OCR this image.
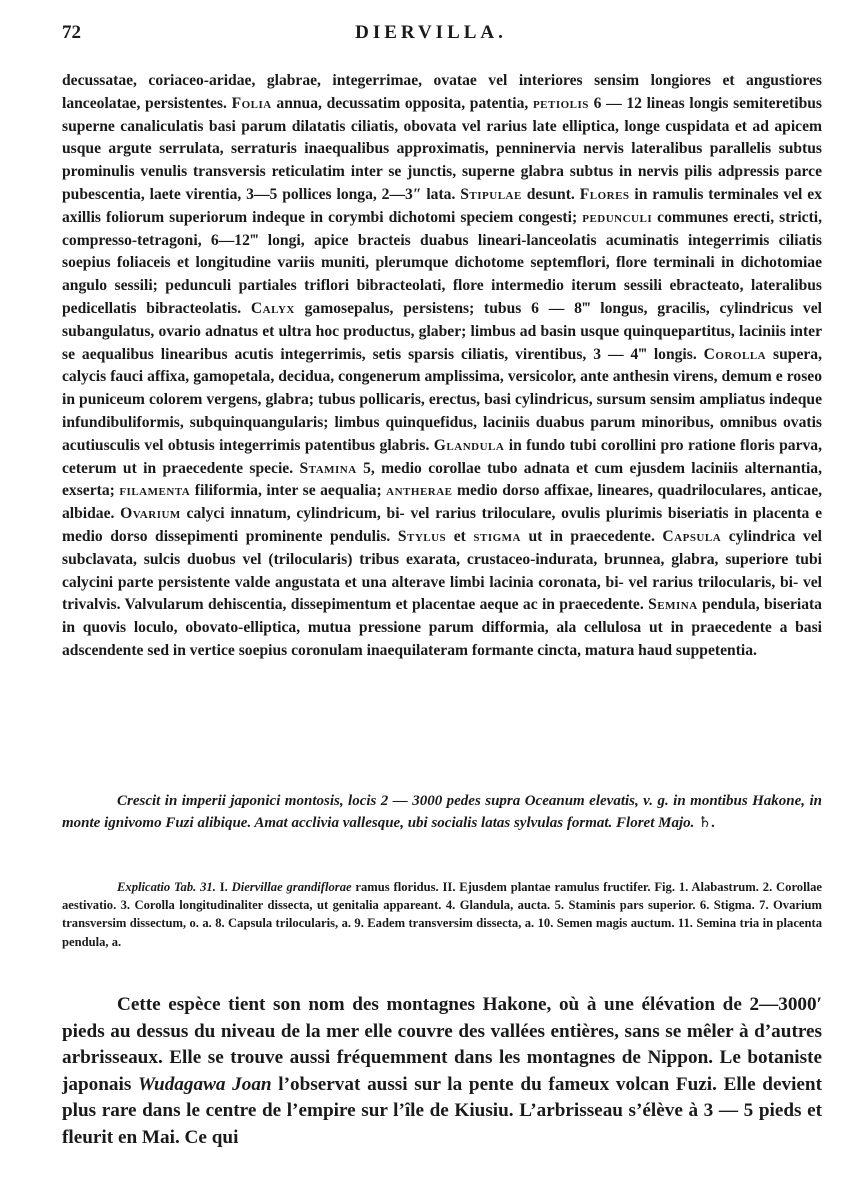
72	DIERVILLA.

decussatae, coriaceo-aridae, glabrae, integerrimae, ovatae vel interiores sensim longiores et angustiores lanceolatae, persistentes. Folia annua, decussatim opposita, patentia, petiolis 6 — 12 lineas longis semiteretibus superne canaliculatis basi parum dilatatis ciliatis, obovata vel rarius late elliptica, longe cuspidata et ad apicem usque argute serrulata, serraturis inaequalibus approximatis, penninervia nervis lateralibus parallelis subtus prominulis venulis transversis reticulatim inter se junctis, superne glabra subtus in nervis pilis adpressis parce pubescentia, laete virentia, 3—5 pollices longa, 2—3″ lata. Stipulae desunt. Flores in ramulis terminales vel ex axillis foliorum superiorum indeque in corymbi dichotomi speciem congesti; pedunculi communes erecti, stricti, compresso-tetragoni, 6—12‴ longi, apice bracteis duabus lineari-lanceolatis acuminatis integerrimis ciliatis soepius foliaceis et longitudine variis muniti, plerumque dichotome septemflori, flore terminali in dichotomiae angulo sessili; pedunculi partiales triflori bibracteolati, flore intermedio iterum sessili ebracteato, lateralibus pedicellatis bibracteolatis. Calyx gamosepalus, persistens; tubus 6 — 8‴ longus, gracilis, cylindricus vel subangulatus, ovario adnatus et ultra hoc productus, glaber; limbus ad basin usque quinquepartitus, laciniis inter se aequalibus linearibus acutis integerrimis, setis sparsis ciliatis, virentibus, 3 — 4‴ longis. Corolla supera, calycis fauci affixa, gamopetala, decidua, congenerum amplissima, versicolor, ante anthesin virens, demum e roseo in puniceum colorem vergens, glabra; tubus pollicaris, erectus, basi cylindricus, sursum sensim ampliatus indeque infundibuliformis, subquinquangularis; limbus quinquefidus, laciniis duabus parum minoribus, omnibus ovatis acutiusculis vel obtusis integerrimis patentibus glabris. Glandula in fundo tubi corollini pro ratione floris parva, ceterum ut in praecedente specie. Stamina 5, medio corollae tubo adnata et cum ejusdem laciniis alternantia, exserta; filamenta filiformia, inter se aequalia; antherae medio dorso affixae, lineares, quadriloculares, anticae, albidae. Ovarium calyci innatum, cylindricum, bi- vel rarius triloculare, ovulis plurimis biseriatis in placenta e medio dorso dissepimenti prominente pendulis. Stylus et stigma ut in praecedente. Capsula cylindrica vel subclavata, sulcis duobus vel (trilocularis) tribus exarata, crustaceo-indurata, brunnea, glabra, superiore tubi calycini parte persistente valde angustata et una alterave limbi lacinia coronata, bi- vel rarius trilocularis, bi- vel trivalvis. Valvularum dehiscentia, dissepimentum et placentae aeque ac in praecedente. Semina pendula, biseriata in quovis loculo, obovato-elliptica, mutua pressione parum difformia, ala cellulosa ut in praecedente a basi adscendente sed in vertice soepius coronulam inaequilateram formante cincta, matura haud suppetentia.

Crescit in imperii japonici montosis, locis 2 — 3000 pedes supra Oceanum elevatis, v. g. in montibus Hakone, in monte ignivomo Fuzi alibique. Amat acclivia vallesque, ubi socialis latas sylvulas format. Floret Majo. ♄.

Explicatio Tab. 31. I. Diervillae grandiflorae ramus floridus. II. Ejusdem plantae ramulus fructifer. Fig. 1. Alabastrum. 2. Corollae aestivatio. 3. Corolla longitudinaliter dissecta, ut genitalia appareant. 4. Glandula, aucta. 5. Staminis pars superior. 6. Stigma. 7. Ovarium transversim dissectum, o. a. 8. Capsula trilocularis, a. 9. Eadem transversim dissecta, a. 10. Semen magis auctum. 11. Semina tria in placenta pendula, a.

Cette espèce tient son nom des montagnes Hakone, où à une élévation de 2—3000′ pieds au dessus du niveau de la mer elle couvre des vallées entières, sans se mêler à d’autres arbrisseaux. Elle se trouve aussi fréquemment dans les montagnes de Nippon. Le botaniste japonais Wudagawa Joan l’observat aussi sur la pente du fameux volcan Fuzi. Elle devient plus rare dans le centre de l’empire sur l’île de Kiusiu. L’arbrisseau s’élève à 3 — 5 pieds et fleurit en Mai. Ce qui
